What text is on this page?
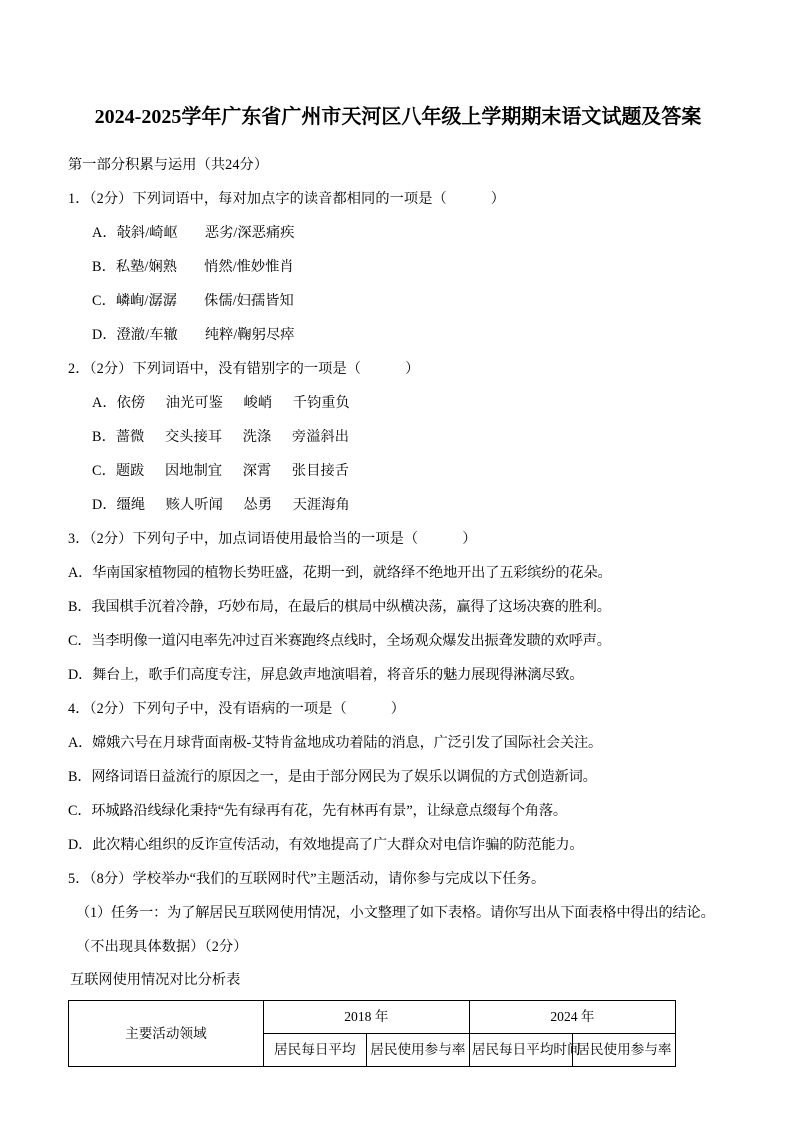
2024-2025学年广东省广州市天河区八年级上学期期末语文试题及答案

第一部分积累与运用（共24分）

1．（2分）下列词语中，每对加点字的读音都相同的一项是（	）

A．敧斜/崎岖 恶劣/深恶痛疾

B．私塾/娴熟 悄然/惟妙惟肖

C．嶙峋/潺潺 侏儒/妇孺皆知

D．澄澈/车辙 纯粹/鞠躬尽瘁

2．（2分）下列词语中，没有错别字的一项是（	）

A．依傍 油光可鉴 峻峭 千钧重负

B．蔷微 交头接耳 洗涤 旁溢斜出

C．题跋 因地制宜 深霄 张目接舌

D．缰绳 赅人听闻 怂勇 天涯海角

3．（2分）下列句子中，加点词语使用最恰当的一项是（	）

A．华南国家植物园的植物长势旺盛，花期一到，就络绎不绝地开出了五彩缤纷的花朵。

B．我国棋手沉着冷静，巧妙布局，在最后的棋局中纵横决荡，赢得了这场决赛的胜利。

C．当李明像一道闪电率先冲过百米赛跑终点线时，全场观众爆发出振聋发聩的欢呼声。

D．舞台上，歌手们高度专注，屏息敛声地演唱着，将音乐的魅力展现得淋漓尽致。

4．（2分）下列句子中，没有语病的一项是（	）

A．嫦娥六号在月球背面南极-艾特肯盆地成功着陆的消息，广泛引发了国际社会关注。

B．网络词语日益流行的原因之一，是由于部分网民为了娱乐以调侃的方式创造新词。

C．环城路沿线绿化秉持“先有绿再有花，先有林再有景”，让绿意点缀每个角落。

D．此次精心组织的反诈宣传活动，有效地提高了广大群众对电信诈骗的防范能力。

5．（8分）学校举办“我们的互联网时代”主题活动，请你参与完成以下任务。

（1）任务一：为了解居民互联网使用情况，小文整理了如下表格。请你写出从下面表格中得出的结论。

（不出现具体数据）（2分）

互联网使用情况对比分析表

主要活动领域	2018 年		2024 年	
	居民每日平均	居民使用参与率	居民每日平均时间	居民使用参与率
